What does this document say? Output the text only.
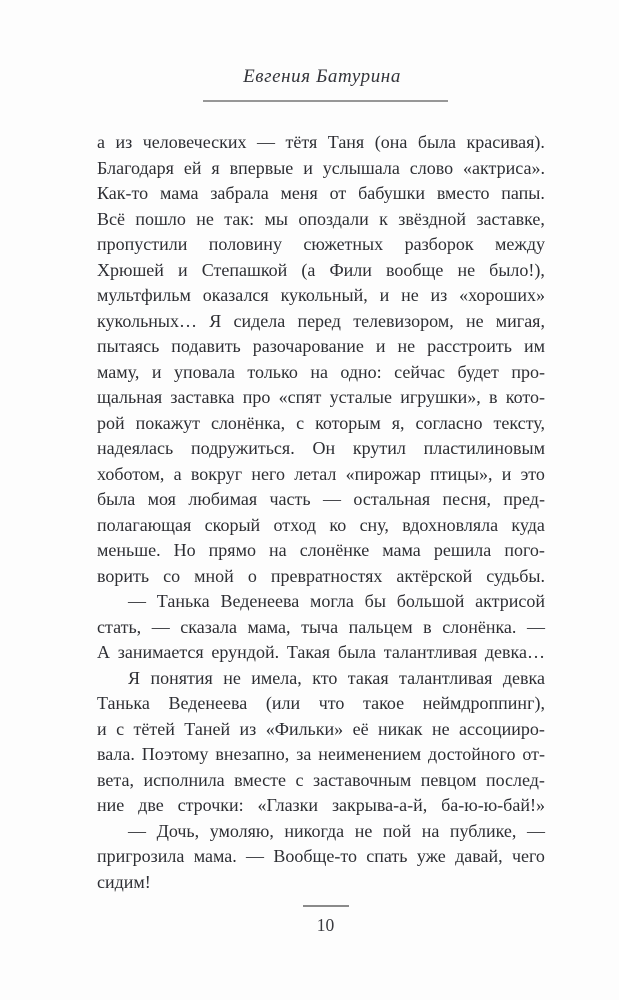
Евгения Батурина
а из человеческих — тётя Таня (она была красивая).
Благодаря ей я впервые и услышала слово «актриса».
Как-то мама забрала меня от бабушки вместо папы.
Всё пошло не так: мы опоздали к звёздной заставке,
пропустили половину сюжетных разборок между
Хрюшей и Степашкой (а Фили вообще не было!),
мультфильм оказался кукольный, и не из «хороших»
кукольных… Я сидела перед телевизором, не мигая,
пытаясь подавить разочарование и не расстроить им
маму, и уповала только на одно: сейчас будет про-
щальная заставка про «спят усталые игрушки», в кото-
рой покажут слонёнка, с которым я, согласно тексту,
надеялась подружиться. Он крутил пластилиновым
хоботом, а вокруг него летал «пирожар птицы», и это
была моя любимая часть — остальная песня, пред-
полагающая скорый отход ко сну, вдохновляла куда
меньше. Но прямо на слонёнке мама решила пого-
ворить со мной о превратностях актёрской судьбы.
— Танька Веденеева могла бы большой актрисой
стать, — сказала мама, тыча пальцем в слонёнка. —
А занимается ерундой. Такая была талантливая девка…
Я понятия не имела, кто такая талантливая девка
Танька Веденеева (или что такое неймдроппинг),
и с тётей Таней из «Фильки» её никак не ассоцииро-
вала. Поэтому внезапно, за неименением достойного от-
вета, исполнила вместе с заставочным певцом послед-
ние две строчки: «Глазки закрыва-а-й, ба-ю-ю-бай!»
— Дочь, умоляю, никогда не пой на публике, —
пригрозила мама. — Вообще-то спать уже давай, чего
сидим!
10
